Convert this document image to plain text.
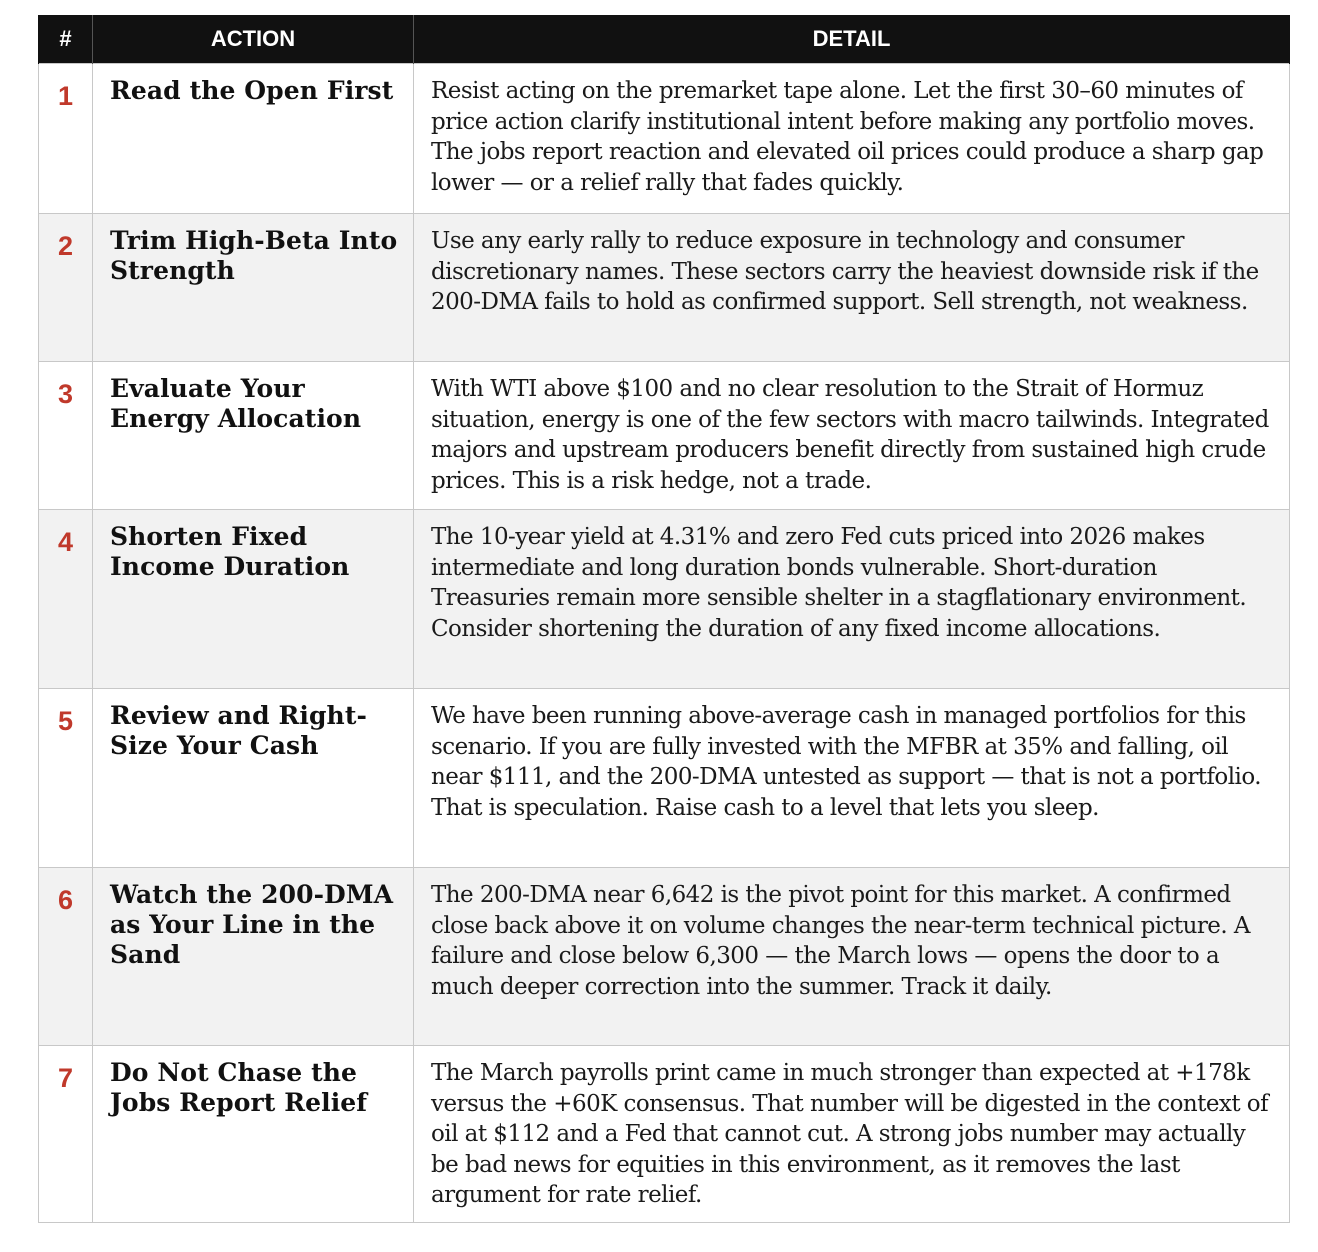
#	ACTION	DETAIL
1	Read the Open First	Resist acting on the premarket tape alone. Let the first 30–60 minutes of price action clarify institutional intent before making any portfolio moves. The jobs report reaction and elevated oil prices could produce a sharp gap lower — or a relief rally that fades quickly.
2	Trim High-Beta Into Strength	Use any early rally to reduce exposure in technology and consumer discretionary names. These sectors carry the heaviest downside risk if the 200-DMA fails to hold as confirmed support. Sell strength, not weakness.
3	Evaluate Your Energy Allocation	With WTI above $100 and no clear resolution to the Strait of Hormuz situation, energy is one of the few sectors with macro tailwinds. Integrated majors and upstream producers benefit directly from sustained high crude prices. This is a risk hedge, not a trade.
4	Shorten Fixed Income Duration	The 10-year yield at 4.31% and zero Fed cuts priced into 2026 makes intermediate and long duration bonds vulnerable. Short-duration Treasuries remain more sensible shelter in a stagflationary environment. Consider shortening the duration of any fixed income allocations.
5	Review and Right-Size Your Cash	We have been running above-average cash in managed portfolios for this scenario. If you are fully invested with the MFBR at 35% and falling, oil near $111, and the 200-DMA untested as support — that is not a portfolio. That is speculation. Raise cash to a level that lets you sleep.
6	Watch the 200-DMA as Your Line in the Sand	The 200-DMA near 6,642 is the pivot point for this market. A confirmed close back above it on volume changes the near-term technical picture. A failure and close below 6,300 — the March lows — opens the door to a much deeper correction into the summer. Track it daily.
7	Do Not Chase the Jobs Report Relief	The March payrolls print came in much stronger than expected at +178k versus the +60K consensus. That number will be digested in the context of oil at $112 and a Fed that cannot cut. A strong jobs number may actually be bad news for equities in this environment, as it removes the last argument for rate relief.
